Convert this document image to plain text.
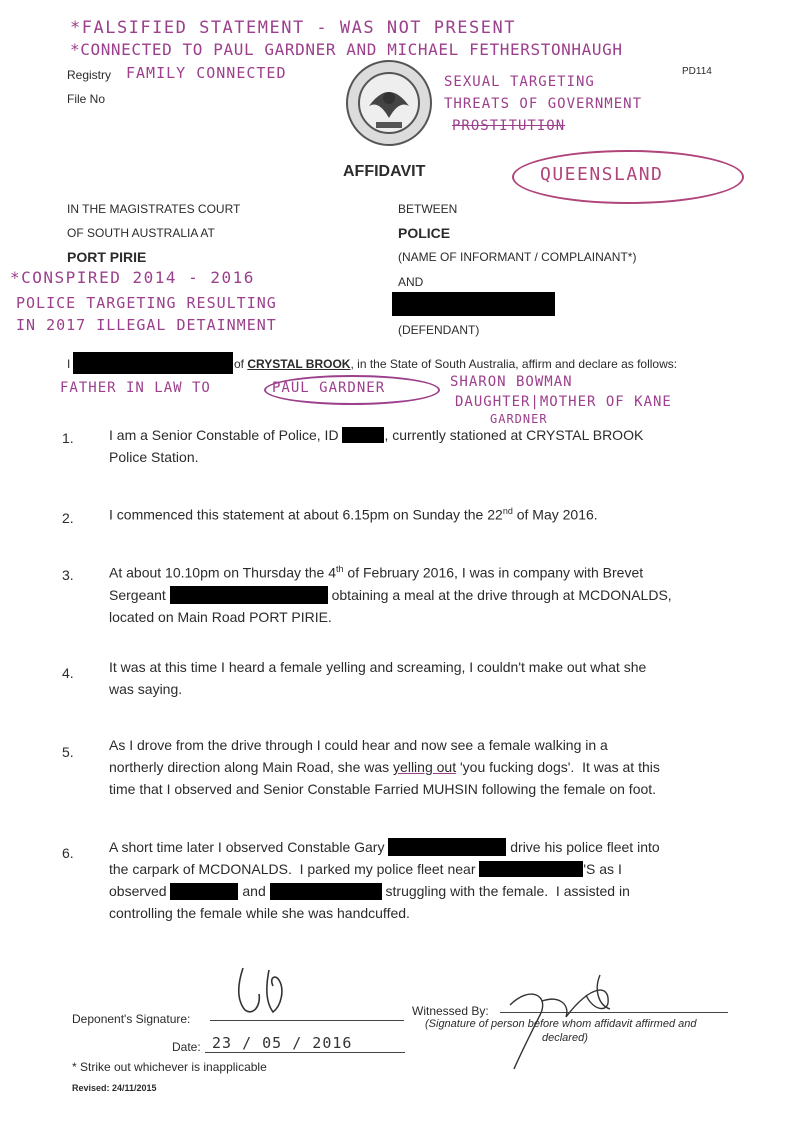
*FALSIFIED STATEMENT - WAS NOT PRESENT
*CONNECTED TO PAUL GARDNER AND MICHAEL FETHERSTONHAUGH
Registry FAMILY CONNECTED
File No
PD114
SEXUAL TARGETING
THREATS OF GOVERNMENT
PROSTITUTION
AFFIDAVIT	QUEENSLAND
IN THE MAGISTRATES COURT
OF SOUTH AUSTRALIA AT
PORT PIRIE
BETWEEN
POLICE
(NAME OF INFORMANT / COMPLAINANT*)
AND
(DEFENDANT)
*CONSPIRED 2014 - 2016
POLICE TARGETING RESULTING
IN 2017 ILLEGAL DETAINMENT
I	of CRYSTAL BROOK, in the State of South Australia, affirm and declare as follows:
FATHER IN LAW TO	PAUL GARDNER	SHARON BOWMAN
DAUGHTER|MOTHER OF KANE
GARDNER
1.	I am a Senior Constable of Police, ID	, currently stationed at CRYSTAL BROOK
Police Station.
2.	I commenced this statement at about 6.15pm on Sunday the 22nd of May 2016.
3.	At about 10.10pm on Thursday the 4th of February 2016, I was in company with Brevet
Sergeant	obtaining a meal at the drive through at MCDONALDS,
located on Main Road PORT PIRIE.
4.	It was at this time I heard a female yelling and screaming, I couldn't make out what she
was saying.
5.	As I drove from the drive through I could hear and now see a female walking in a
northerly direction along Main Road, she was yelling out 'you fucking dogs'.  It was at this
time that I observed and Senior Constable Farried MUHSIN following the female on foot.
6.	A short time later I observed Constable Gary	drive his police fleet into
the carpark of MCDONALDS.  I parked my police fleet near	'S as I
observed	and	struggling with the female.  I assisted in
controlling the female while she was handcuffed.
Deponent's Signature:
Date: 23 / 05 / 2016
Witnessed By:
(Signature of person before whom affidavit affirmed and
declared)
* Strike out whichever is inapplicable
Revised: 24/11/2015
